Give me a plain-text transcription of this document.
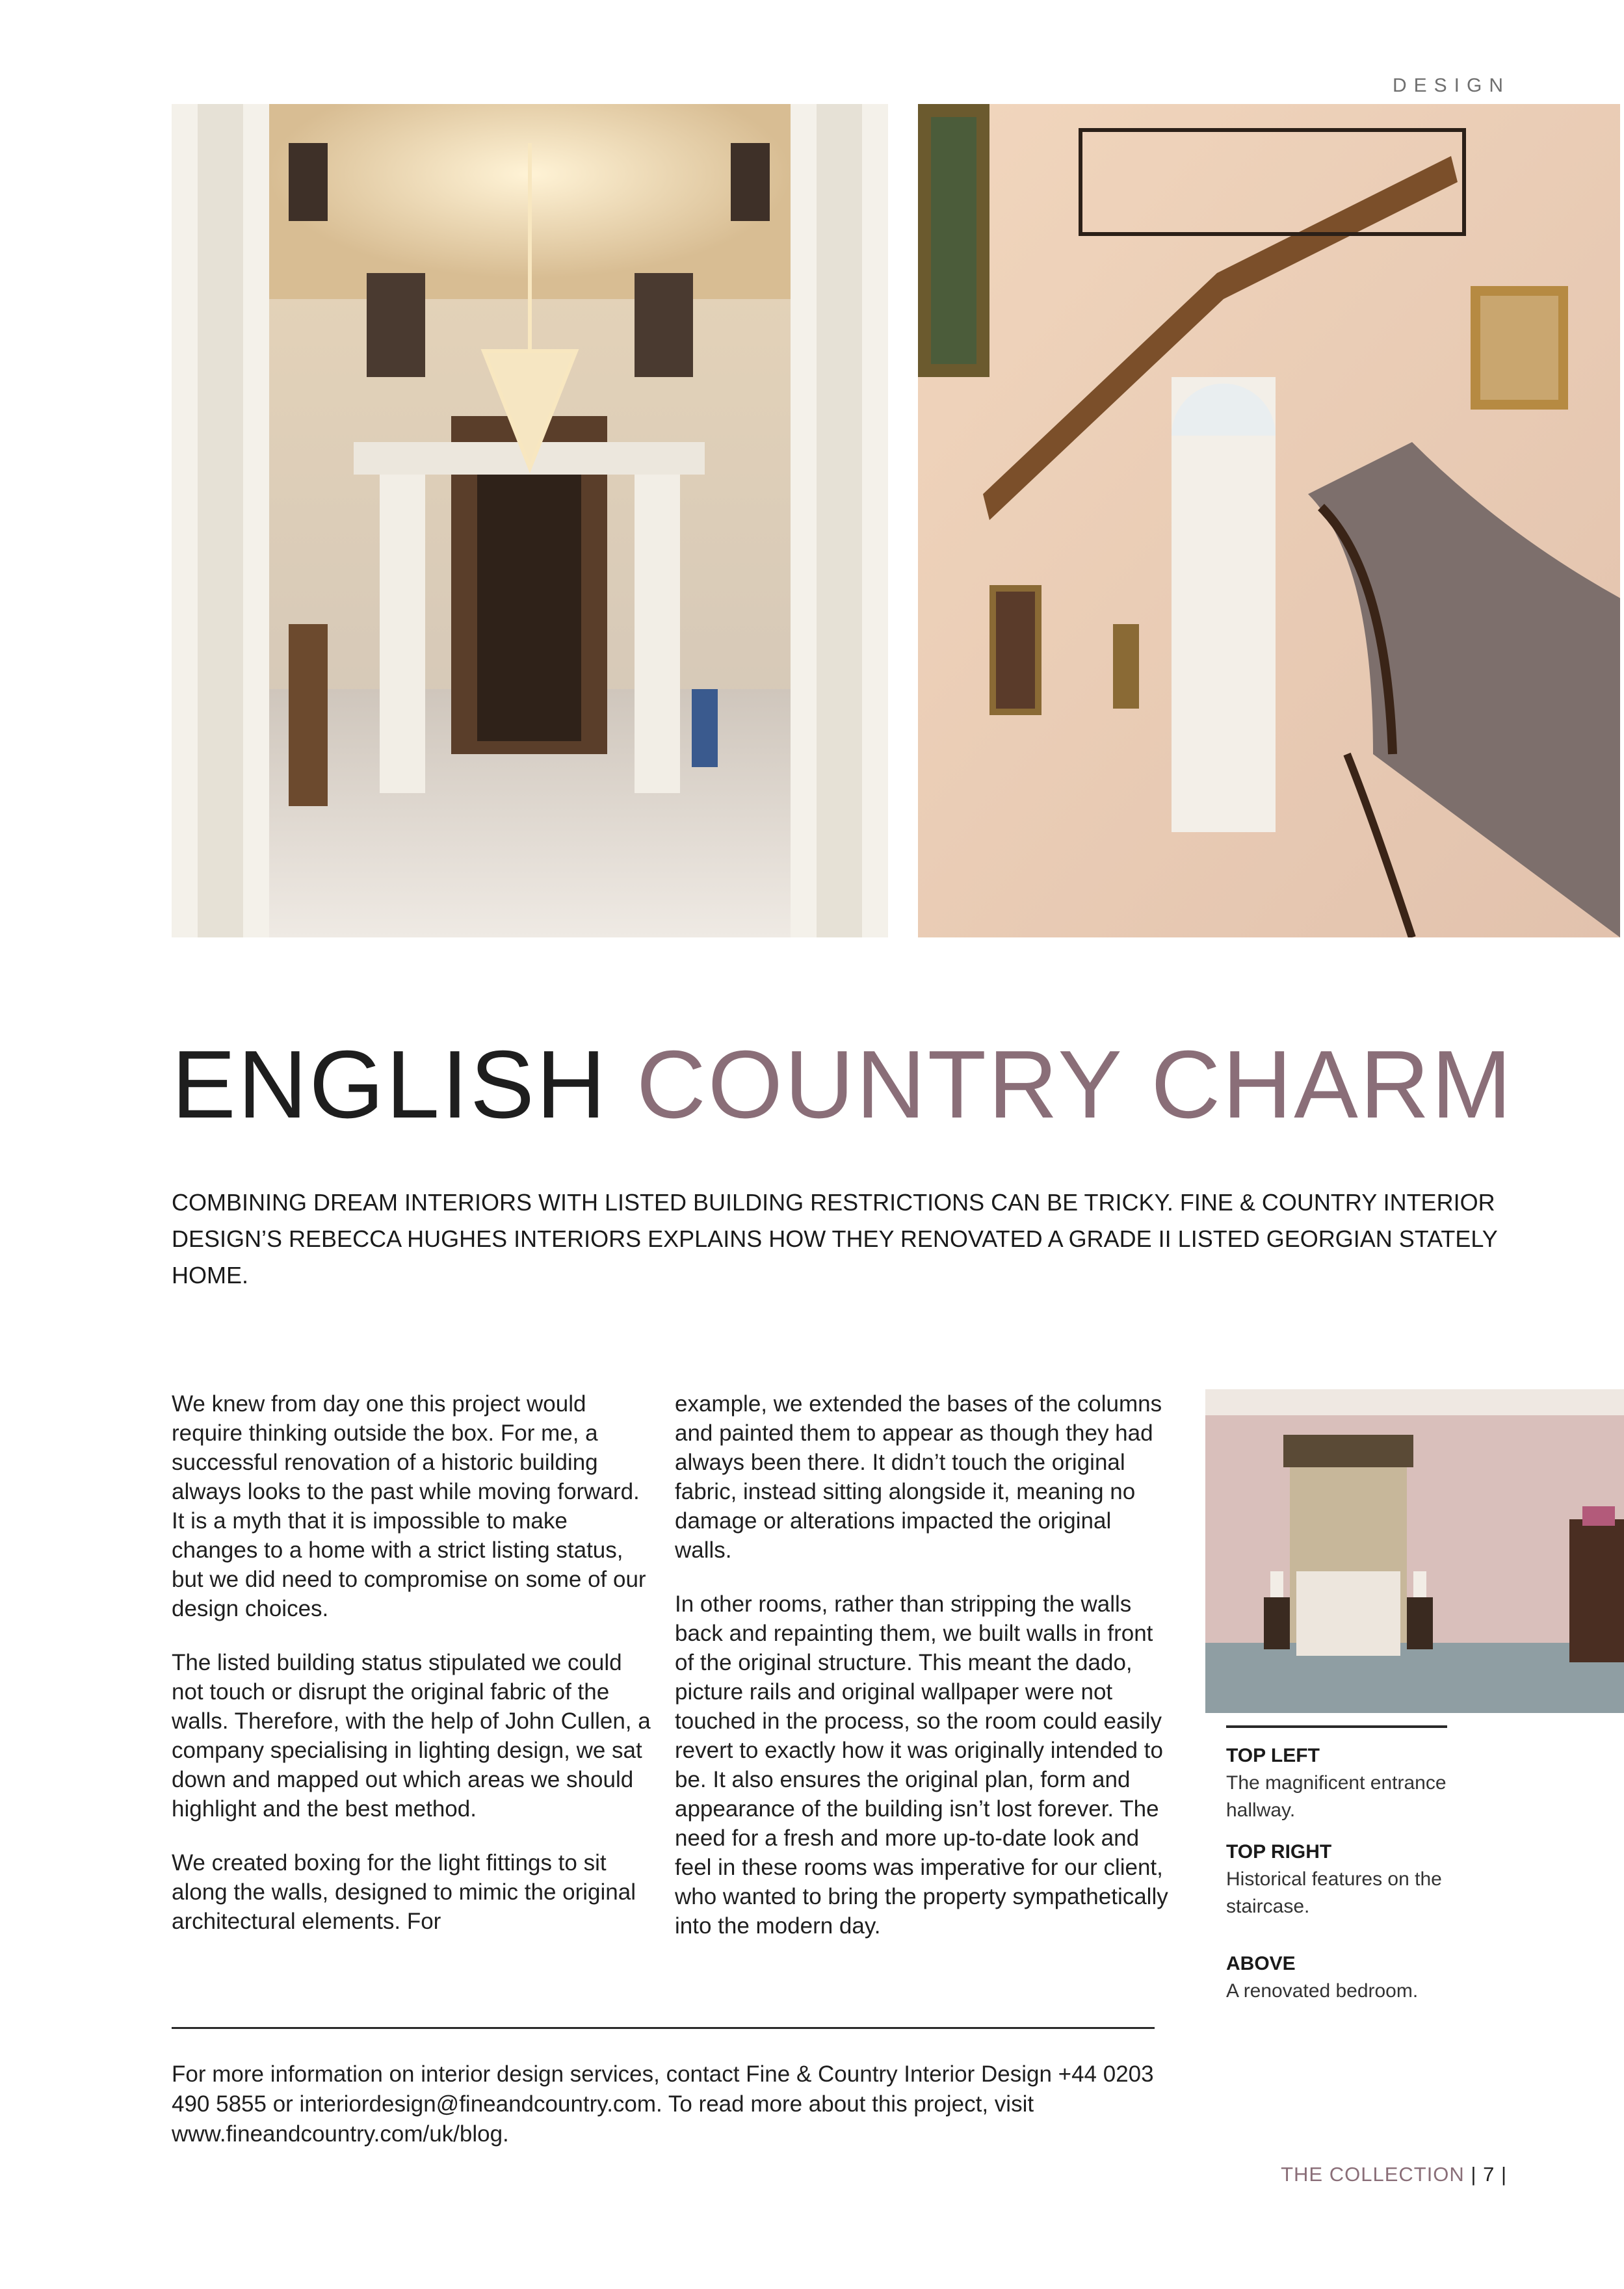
DESIGN
ENGLISH COUNTRY CHARM
COMBINING DREAM INTERIORS WITH LISTED BUILDING RESTRICTIONS CAN BE TRICKY. FINE & COUNTRY INTERIOR DESIGN’S REBECCA HUGHES INTERIORS EXPLAINS HOW THEY RENOVATED A GRADE II LISTED GEORGIAN STATELY HOME.

We knew from day one this project would require thinking outside the box. For me, a successful renovation of a historic building always looks to the past while moving forward. It is a myth that it is impossible to make changes to a home with a strict listing status, but we did need to compromise on some of our design choices.

The listed building status stipulated we could not touch or disrupt the original fabric of the walls. Therefore, with the help of John Cullen, a company specialising in lighting design, we sat down and mapped out which areas we should highlight and the best method.

We created boxing for the light fittings to sit along the walls, designed to mimic the original architectural elements. For

example, we extended the bases of the columns and painted them to appear as though they had always been there. It didn’t touch the original fabric, instead sitting alongside it, meaning no damage or alterations impacted the original walls.

In other rooms, rather than stripping the walls back and repainting them, we built walls in front of the original structure. This meant the dado, picture rails and original wallpaper were not touched in the process, so the room could easily revert to exactly how it was originally intended to be. It also ensures the original plan, form and appearance of the building isn’t lost forever. The need for a fresh and more up-to-date look and feel in these rooms was imperative for our client, who wanted to bring the property sympathetically into the modern day.

TOP LEFT
The magnificent entrance hallway.
TOP RIGHT
Historical features on the staircase.
ABOVE
A renovated bedroom.
For more information on interior design services, contact Fine & Country Interior Design +44 0203 490 5855 or interiordesign@fineandcountry.com. To read more about this project, visit www.fineandcountry.com/uk/blog.
THE COLLECTION | 7 |
